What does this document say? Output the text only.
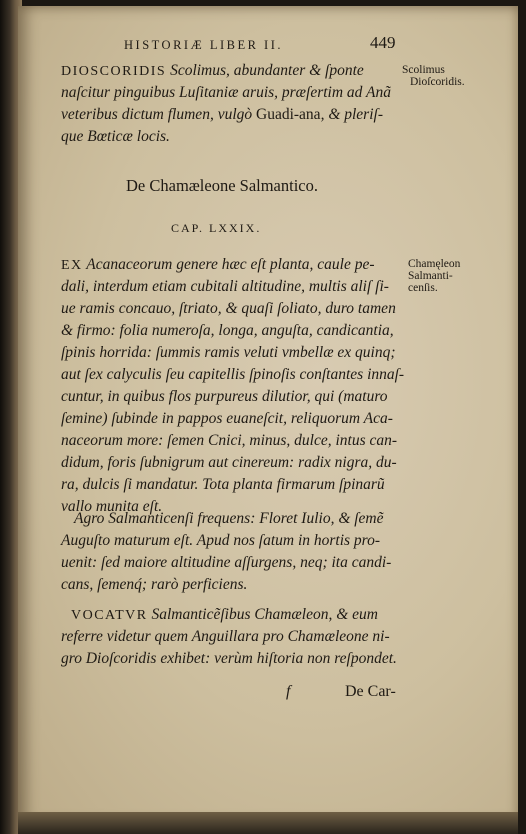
HISTORIÆ LIBER II.	449
Scolimus
Dioſcoridis.
Chamęleon
Salmanti-
cenſis.
DIOSCORIDIS Scolimus, abundanter & ſponte
naſcitur pinguibus Luſitaniæ aruis, præſertim ad Anã
veteribus dictum flumen, vulgò Guadi-ana, & pleriſ-
que Bœticæ locis.
De Chamæleone Salmantico.
CAP. LXXIX.
EX Acanaceorum genere hæc eſt planta, caule pe-
dali, interdum etiam cubitali altitudine, multis aliſ ſi-
ue ramis concauo, ſtriato, & quaſi ſoliato, duro tamen
& firmo: folia numeroſa, longa, anguſta, candicantia,
ſpinis horrida: ſummis ramis veluti vmbellæ ex quinq;
aut ſex calyculis ſeu capitellis ſpinoſis conſtantes innaſ-
cuntur, in quibus flos purpureus dilutior, qui (maturo
ſemine) ſubinde in pappos euaneſcit, reliquorum Aca-
naceorum more: ſemen Cnici, minus, dulce, intus can-
didum, foris ſubnigrum aut cinereum: radix nigra, du-
ra, dulcis ſi mandatur. Tota planta firmarum ſpinarũ
vallo munita eſt.
Agro Salmanticenſi frequens: Floret Iulio, & ſemẽ
Auguſto maturum eſt. Apud nos ſatum in hortis pro-
uenit: ſed maiore altitudine aſſurgens, neq; ita candi-
cans, ſemenq́; rarò perficiens.
VOCATVR Salmanticẽſibus Chamæleon, & eum
referre videtur quem Anguillara pro Chamæleone ni-
gro Dioſcoridis exhibet: verùm hiſtoria non reſpondet.
f	De Car-
